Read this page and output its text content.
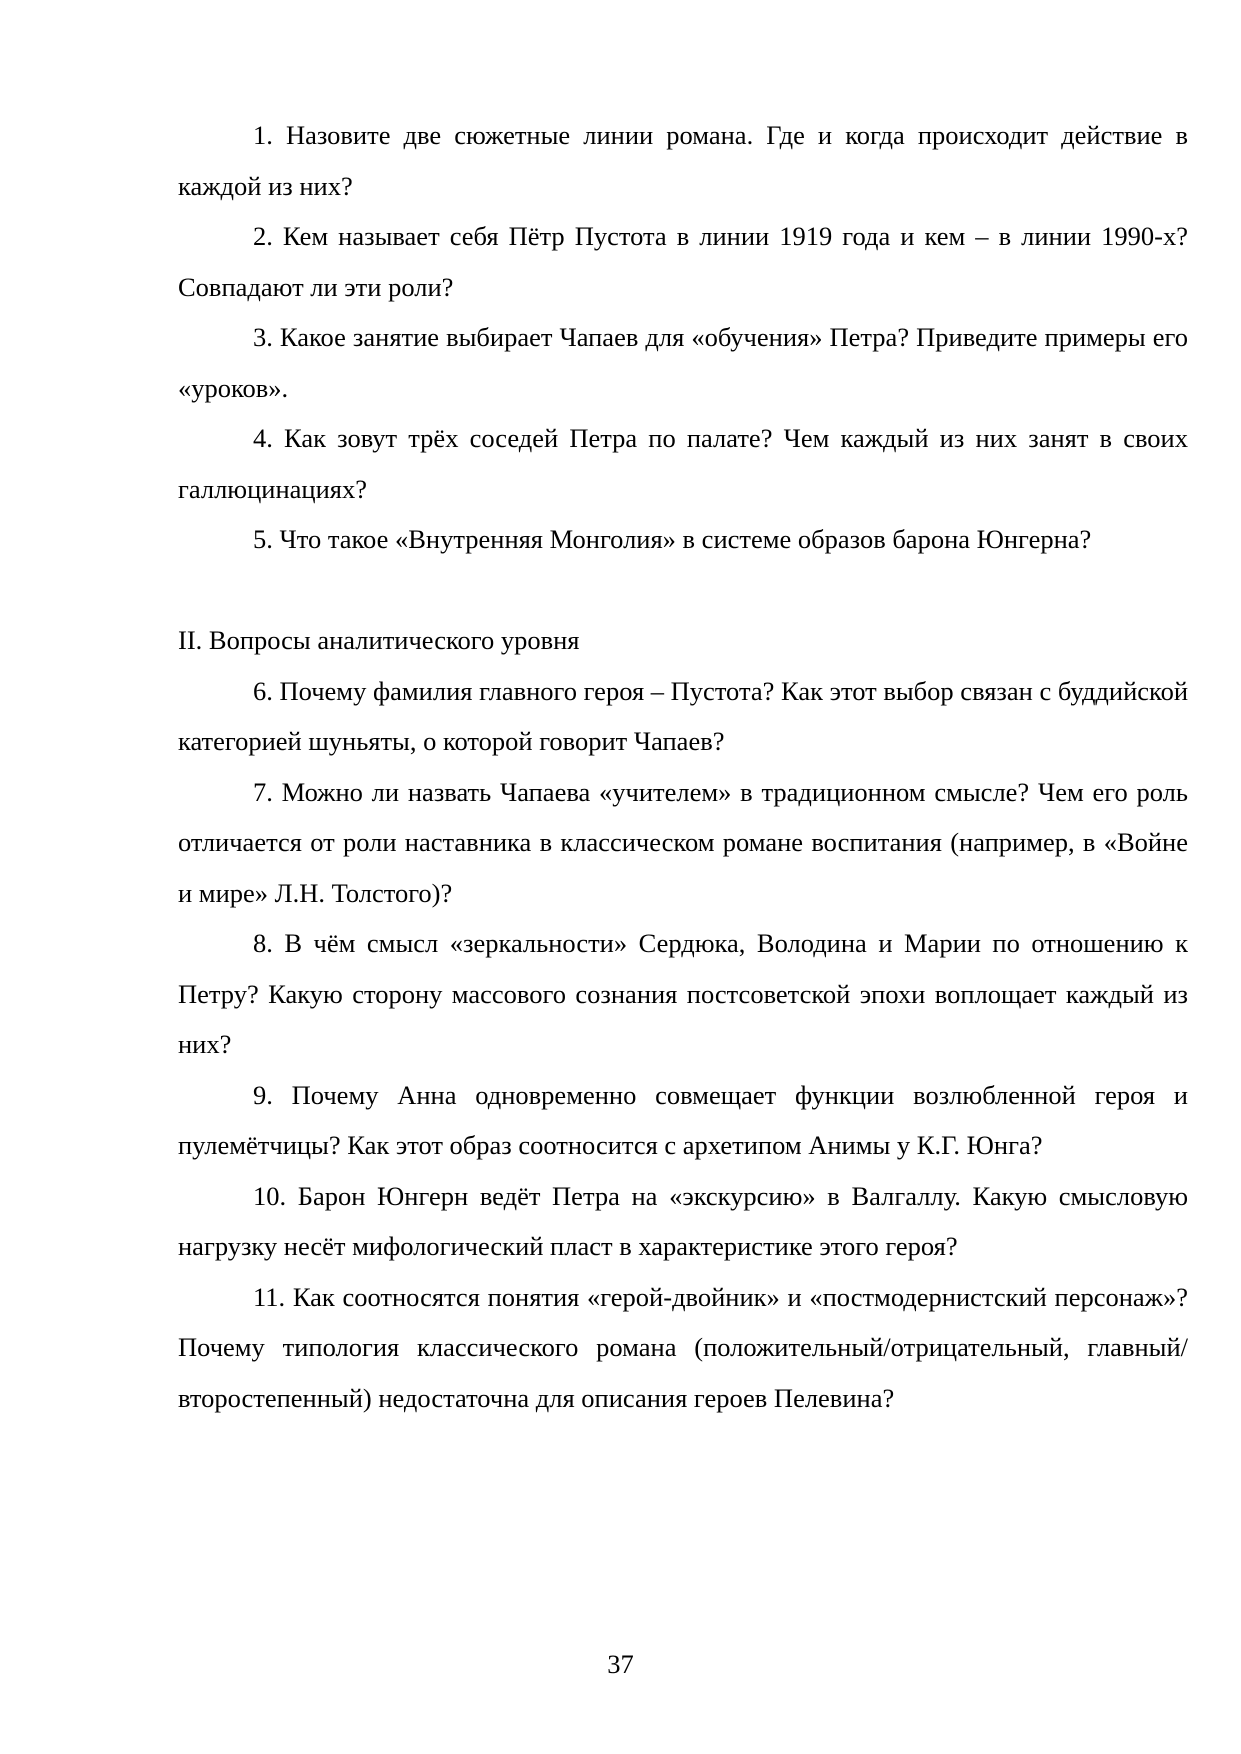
1. Назовите две сюжетные линии романа. Где и когда происходит действие в каждой из них?

2. Кем называет себя Пётр Пустота в линии 1919 года и кем – в линии 1990-х? Совпадают ли эти роли?

3. Какое занятие выбирает Чапаев для «обучения» Петра? Приведите примеры его «уроков».

4. Как зовут трёх соседей Петра по палате? Чем каждый из них занят в своих галлюцинациях?

5. Что такое «Внутренняя Монголия» в системе образов барона Юнгерна?

II. Вопросы аналитического уровня

6. Почему фамилия главного героя – Пустота? Как этот выбор связан с буддийской категорией шуньяты, о которой говорит Чапаев?

7. Можно ли назвать Чапаева «учителем» в традиционном смысле? Чем его роль отличается от роли наставника в классическом романе воспитания (например, в «Войне и мире» Л.Н. Толстого)?

8. В чём смысл «зеркальности» Сердюка, Володина и Марии по отношению к Петру? Какую сторону массового сознания постсоветской эпохи воплощает каждый из них?

9. Почему Анна одновременно совмещает функции возлюбленной героя и пулемётчицы? Как этот образ соотносится с архетипом Анимы у К.Г. Юнга?

10. Барон Юнгерн ведёт Петра на «экскурсию» в Валгаллу. Какую смысловую нагрузку несёт мифологический пласт в характеристике этого героя?

11. Как соотносятся понятия «герой-двойник» и «постмодернистский персонаж»? Почему типология классического романа (положительный/отрицательный, главный/второстепенный) недостаточна для описания героев Пелевина?

37
